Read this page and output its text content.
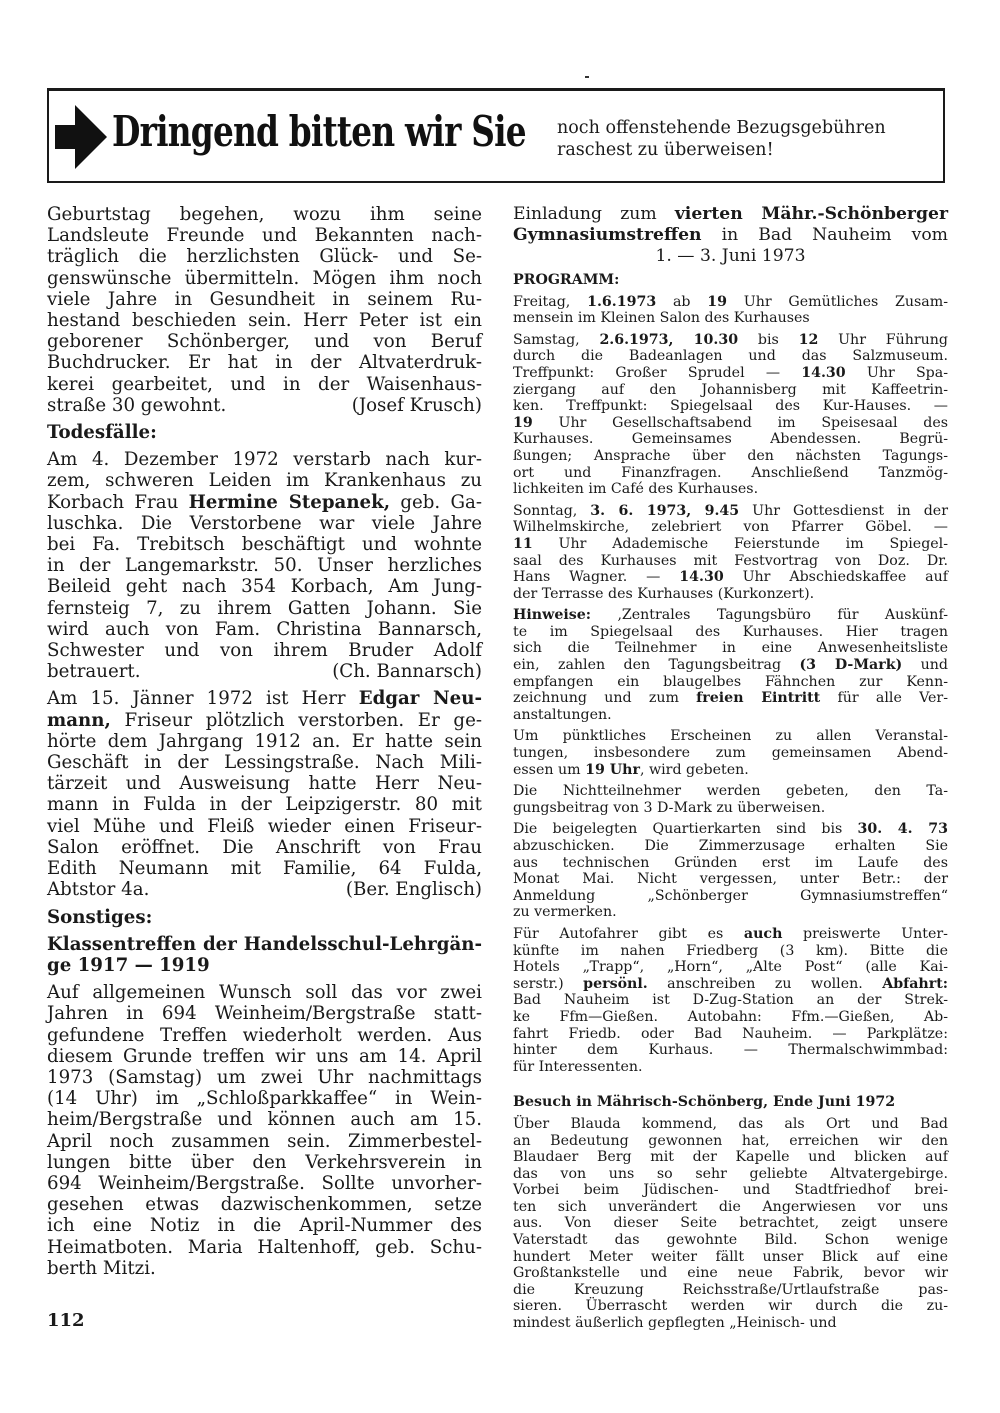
Dringend bitten wir Sie noch offenstehende Bezugsgebühren
raschest zu überweisen!
Geburtstag begehen, wozu ihm seine
Landsleute Freunde und Bekannten nach-
träglich die herzlichsten Glück- und Se-
genswünsche übermitteln. Mögen ihm noch
viele Jahre in Gesundheit in seinem Ru-
hestand beschieden sein. Herr Peter ist ein
geborener Schönberger, und von Beruf
Buchdrucker. Er hat in der Altvaterdruk-
kerei gearbeitet, und in der Waisenhaus-
straße 30 gewohnt.	(Josef Krusch)
Todesfälle:
Am 4. Dezember 1972 verstarb nach kur-
zem, schweren Leiden im Krankenhaus zu
Korbach Frau Hermine Stepanek, geb. Ga-
luschka. Die Verstorbene war viele Jahre
bei Fa. Trebitsch beschäftigt und wohnte
in der Langemarkstr. 50. Unser herzliches
Beileid geht nach 354 Korbach, Am Jung-
fernsteig 7, zu ihrem Gatten Johann. Sie
wird auch von Fam. Christina Bannarsch,
Schwester und von ihrem Bruder Adolf
betrauert.	(Ch. Bannarsch)
Am 15. Jänner 1972 ist Herr Edgar Neu-
mann, Friseur plötzlich verstorben. Er ge-
hörte dem Jahrgang 1912 an. Er hatte sein
Geschäft in der Lessingstraße. Nach Mili-
tärzeit und Ausweisung hatte Herr Neu-
mann in Fulda in der Leipzigerstr. 80 mit
viel Mühe und Fleiß wieder einen Friseur-
Salon eröffnet. Die Anschrift von Frau
Edith Neumann mit Familie, 64 Fulda,
Abtstor 4a.	(Ber. Englisch)
Sonstiges:
Klassentreffen der Handelsschul-Lehrgän-
ge 1917 — 1919
Auf allgemeinen Wunsch soll das vor zwei
Jahren in 694 Weinheim/Bergstraße statt-
gefundene Treffen wiederholt werden. Aus
diesem Grunde treffen wir uns am 14. April
1973 (Samstag) um zwei Uhr nachmittags
(14 Uhr) im „Schloßparkkaffee“ in Wein-
heim/Bergstraße und können auch am 15.
April noch zusammen sein. Zimmerbestel-
lungen bitte über den Verkehrsverein in
694 Weinheim/Bergstraße. Sollte unvorher-
gesehen etwas dazwischenkommen, setze
ich eine Notiz in die April-Nummer des
Heimatboten. Maria Haltenhoff, geb. Schu-
berth Mitzi.
Einladung zum vierten Mähr.-Schönberger
Gymnasiumstreffen in Bad Nauheim vom
1. — 3. Juni 1973
PROGRAMM:
Freitag, 1.6.1973 ab 19 Uhr Gemütliches Zusam-
mensein im Kleinen Salon des Kurhauses
Samstag, 2.6.1973, 10.30 bis 12 Uhr Führung
durch die Badeanlagen und das Salzmuseum.
Treffpunkt: Großer Sprudel — 14.30 Uhr Spa-
ziergang auf den Johannisberg mit Kaffeetrin-
ken. Treffpunkt: Spiegelsaal des Kur-Hauses. —
19 Uhr Gesellschaftsabend im Speisesaal des
Kurhauses. Gemeinsames Abendessen. Begrü-
ßungen; Ansprache über den nächsten Tagungs-
ort und Finanzfragen. Anschließend Tanzmög-
lichkeiten im Café des Kurhauses.
Sonntag, 3. 6. 1973, 9.45 Uhr Gottesdienst in der
Wilhelmskirche, zelebriert von Pfarrer Göbel. —
11 Uhr Adademische Feierstunde im Spiegel-
saal des Kurhauses mit Festvortrag von Doz. Dr.
Hans Wagner. — 14.30 Uhr Abschiedskaffee auf
der Terrasse des Kurhauses (Kurkonzert).
Hinweise: ‚Zentrales Tagungsbüro für Auskünf-
te im Spiegelsaal des Kurhauses. Hier tragen
sich die Teilnehmer in eine Anwesenheitsliste
ein, zahlen den Tagungsbeitrag (3 D-Mark) und
empfangen ein blaugelbes Fähnchen zur Kenn-
zeichnung und zum freien Eintritt für alle Ver-
anstaltungen.
Um pünktliches Erscheinen zu allen Veranstal-
tungen, insbesondere zum gemeinsamen Abend-
essen um 19 Uhr, wird gebeten.
Die Nichtteilnehmer werden gebeten, den Ta-
gungsbeitrag von 3 D-Mark zu überweisen.
Die beigelegten Quartierkarten sind bis 30. 4. 73
abzuschicken. Die Zimmerzusage erhalten Sie
aus technischen Gründen erst im Laufe des
Monat Mai. Nicht vergessen, unter Betr.: der
Anmeldung „Schönberger Gymnasiumstreffen“
zu vermerken.
Für Autofahrer gibt es auch preiswerte Unter-
künfte im nahen Friedberg (3 km). Bitte die
Hotels „Trapp“, „Horn“, „Alte Post“ (alle Kai-
serstr.) persönl. anschreiben zu wollen. Abfahrt:
Bad Nauheim ist D-Zug-Station an der Strek-
ke Ffm—Gießen. Autobahn: Ffm.—Gießen, Ab-
fahrt Friedb. oder Bad Nauheim. — Parkplätze:
hinter dem Kurhaus. — Thermalschwimmbad:
für Interessenten.
Besuch in Mährisch-Schönberg, Ende Juni 1972
Über Blauda kommend, das als Ort und Bad
an Bedeutung gewonnen hat, erreichen wir den
Blaudaer Berg mit der Kapelle und blicken auf
das von uns so sehr geliebte Altvatergebirge.
Vorbei beim Jüdischen- und Stadtfriedhof brei-
ten sich unverändert die Angerwiesen vor uns
aus. Von dieser Seite betrachtet, zeigt unsere
Vaterstadt das gewohnte Bild. Schon wenige
hundert Meter weiter fällt unser Blick auf eine
Großtankstelle und eine neue Fabrik, bevor wir
die Kreuzung Reichsstraße/Urtlaufstraße pas-
sieren. Überrascht werden wir durch die zu-
mindest äußerlich gepflegten „Heinisch- und
112
